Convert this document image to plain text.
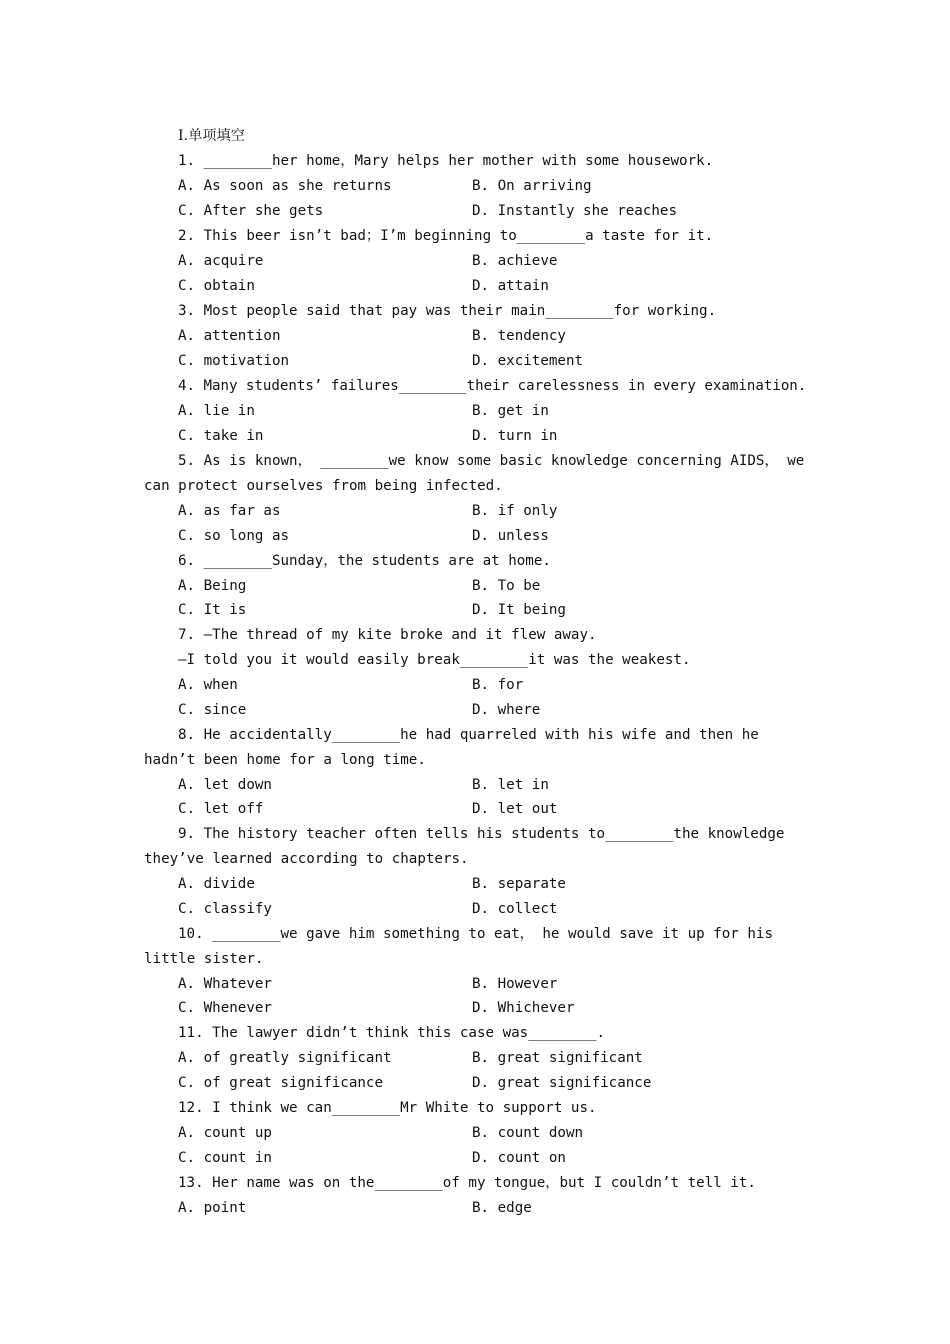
Ⅰ.单项填空
1. ________her home，Mary helps her mother with some housework.
A. As soon as she returns	B. On arriving
C. After she gets	D. Instantly she reaches
2. This beer isn’t bad；I’m beginning to________a taste for it.
A. acquire	B. achieve
C. obtain	D. attain
3. Most people said that pay was their main________for working.
A. attention	B. tendency
C. motivation	D. excitement
4. Many students’ failures________their carelessness in every examination.
A. lie in	B. get in
C. take in	D. turn in
5. As is known， ________we know some basic knowledge concerning AIDS， we
can protect ourselves from being infected.
A. as far as	B. if only
C. so long as	D. unless
6. ________Sunday，the students are at home.
A. Being	B. To be
C. It is	D. It being
7. —The thread of my kite broke and it flew away.
—I told you it would easily break________it was the weakest.
A. when	B. for
C. since	D. where
8. He accidentally________he had quarreled with his wife and then he
hadn’t been home for a long time.
A. let down	B. let in
C. let off	D. let out
9. The history teacher often tells his students to________the knowledge
they’ve learned according to chapters.
A. divide	B. separate
C. classify	D. collect
10. ________we gave him something to eat， he would save it up for his
little sister.
A. Whatever	B. However
C. Whenever	D. Whichever
11. The lawyer didn’t think this case was________.
A. of greatly significant	B. great significant
C. of great significance	D. great significance
12. I think we can________Mr White to support us.
A. count up	B. count down
C. count in	D. count on
13. Her name was on the________of my tongue，but I couldn’t tell it.
A. point	B. edge
